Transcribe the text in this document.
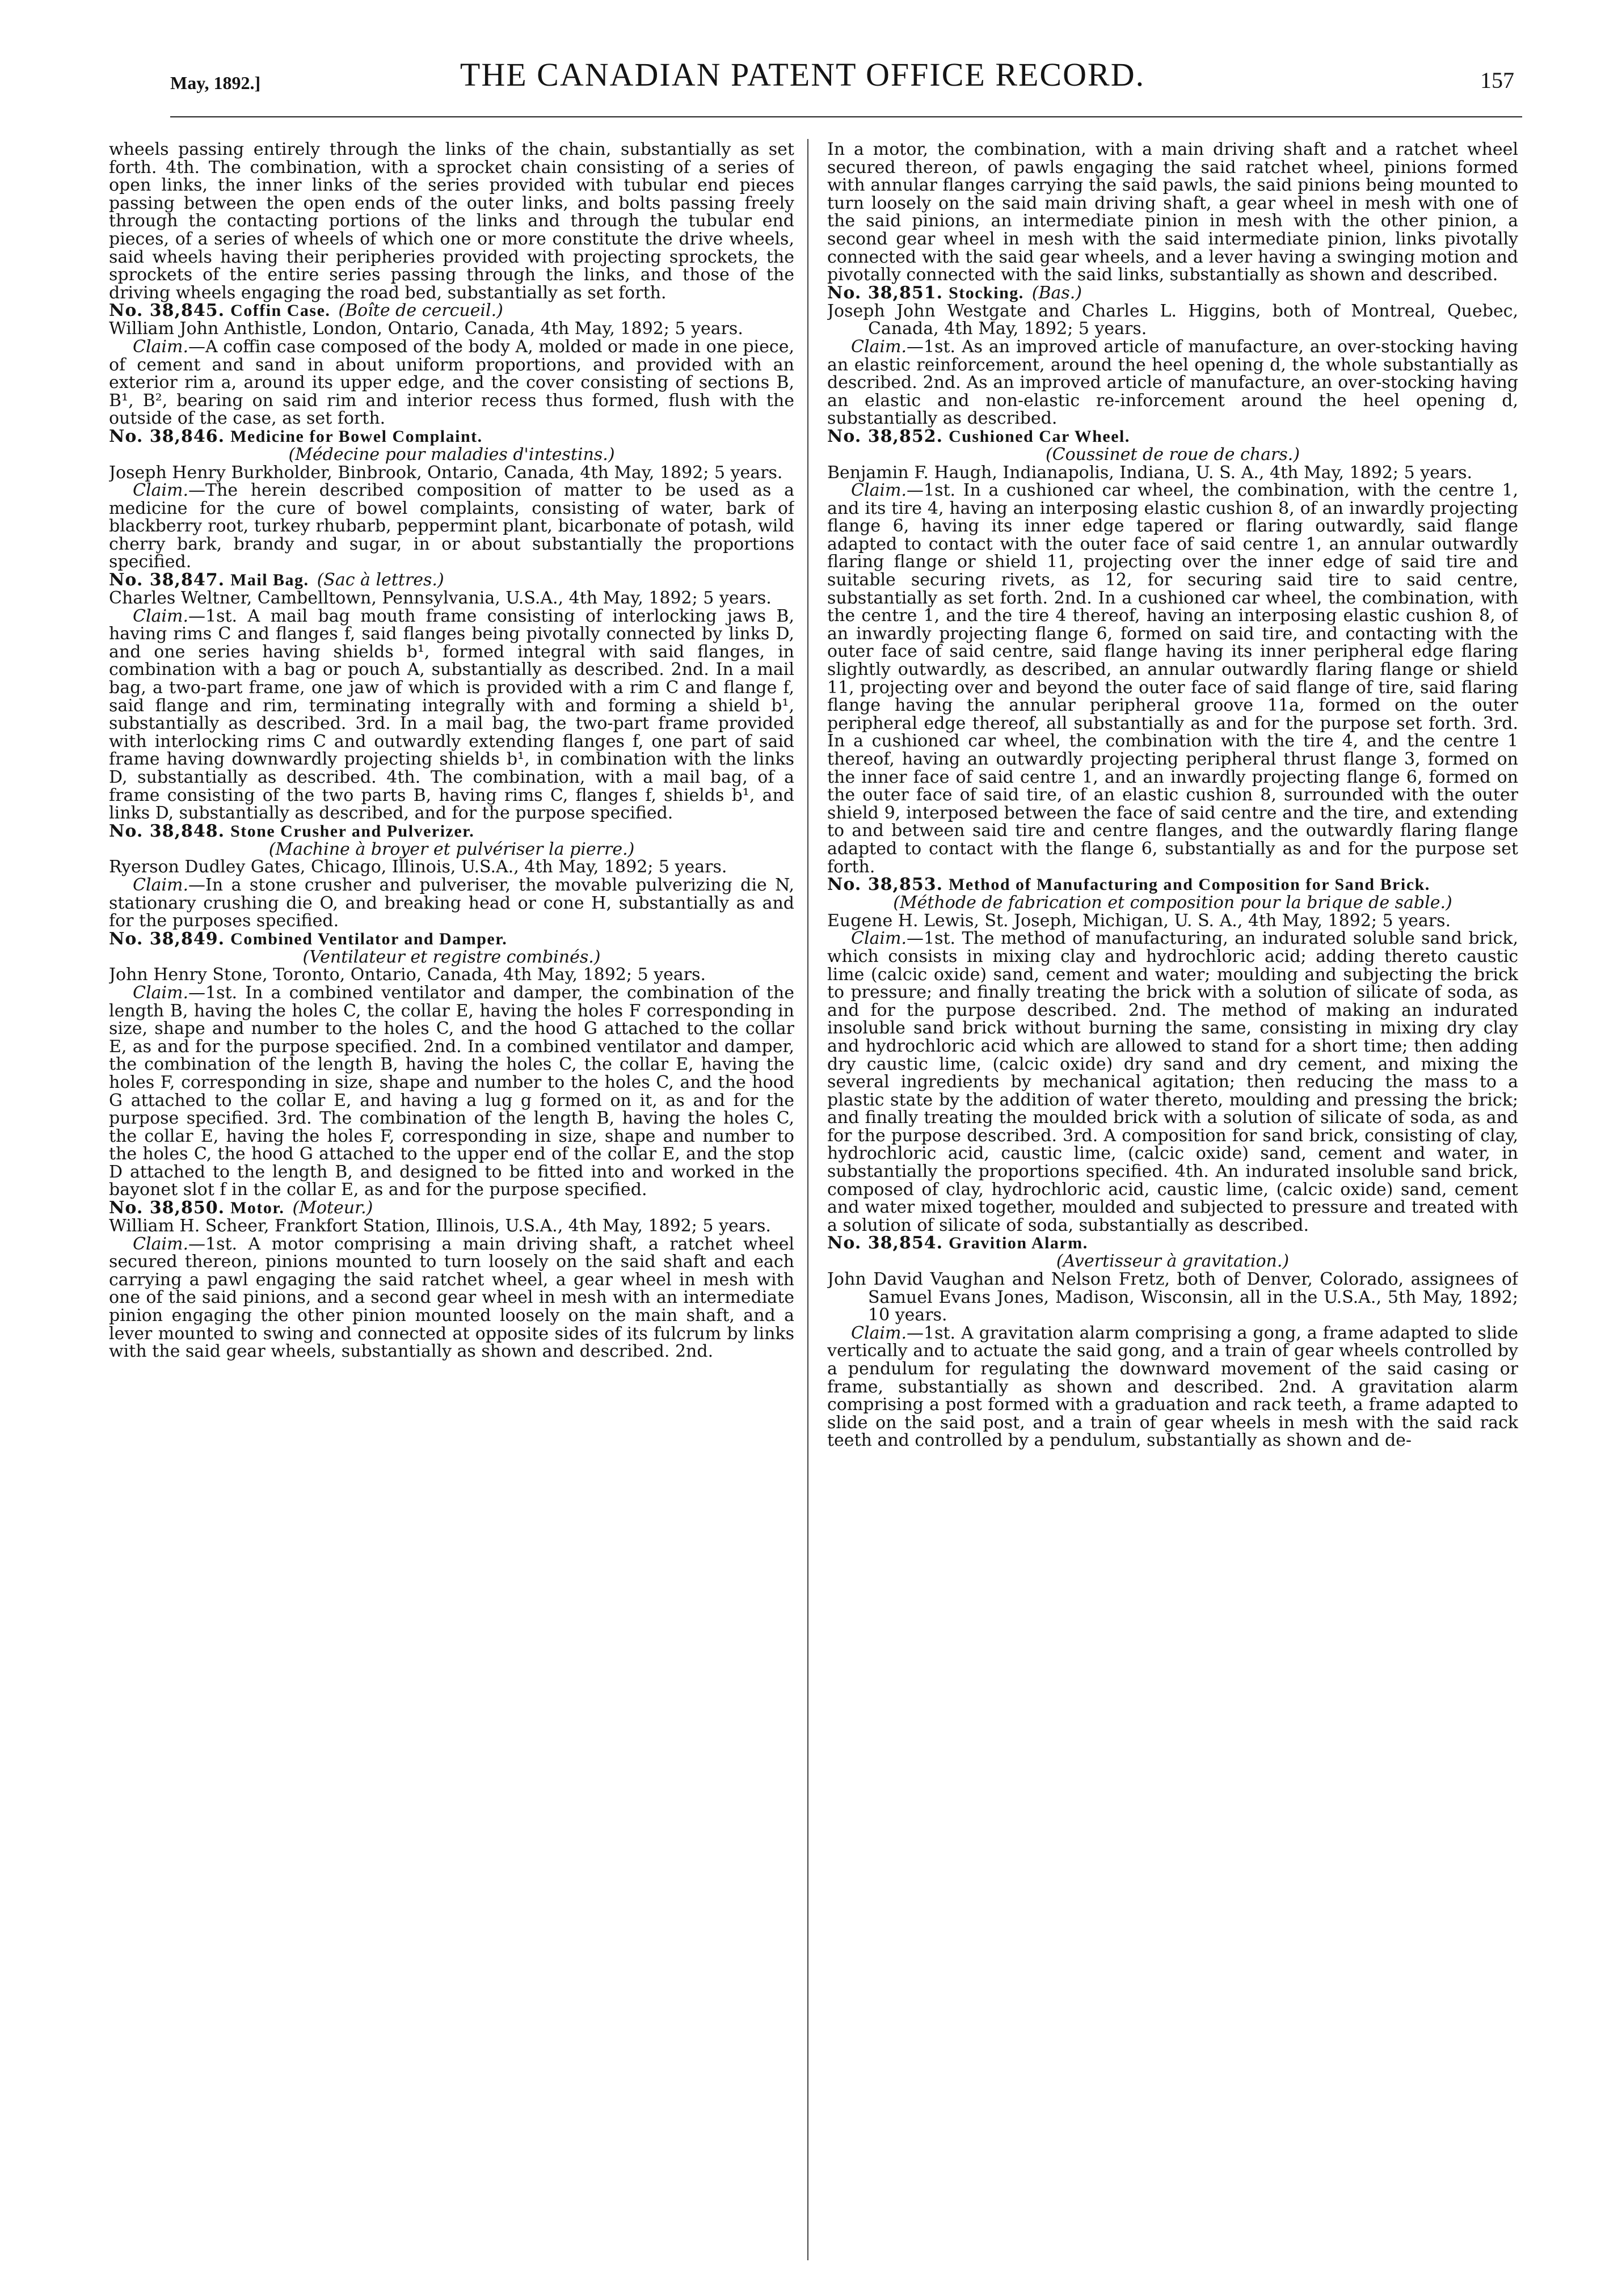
May, 1892.]	THE CANADIAN PATENT OFFICE RECORD.	157

wheels passing entirely through the links of the chain, substantially as set forth. 4th. The combination, with a sprocket chain consisting of a series of open links, the inner links of the series provided with tubular end pieces passing between the open ends of the outer links, and bolts passing freely through the contacting portions of the links and through the tubular end pieces, of a series of wheels of which one or more constitute the drive wheels, said wheels having their peripheries provided with projecting sprockets, the sprockets of the entire series passing through the links, and those of the driving wheels engaging the road bed, substantially as set forth.

No. 38,845. Coffin Case. (Boîte de cercueil.)

William John Anthistle, London, Ontario, Canada, 4th May, 1892; 5 years.

Claim.—A coffin case composed of the body A, molded or made in one piece, of cement and sand in about uniform proportions, and provided with an exterior rim a, around its upper edge, and the cover consisting of sections B, B¹, B², bearing on said rim and interior recess thus formed, flush with the outside of the case, as set forth.

No. 38,846. Medicine for Bowel Complaint.

(Médecine pour maladies d'intestins.)

Joseph Henry Burkholder, Binbrook, Ontario, Canada, 4th May, 1892; 5 years.

Claim.—The herein described composition of matter to be used as a medicine for the cure of bowel complaints, consisting of water, bark of blackberry root, turkey rhubarb, peppermint plant, bicarbonate of potash, wild cherry bark, brandy and sugar, in or about substantially the proportions specified.

No. 38,847. Mail Bag. (Sac à lettres.)

Charles Weltner, Cambelltown, Pennsylvania, U.S.A., 4th May, 1892; 5 years.

Claim.—1st. A mail bag mouth frame consisting of interlocking jaws B, having rims C and flanges f, said flanges being pivotally connected by links D, and one series having shields b¹, formed integral with said flanges, in combination with a bag or pouch A, substantially as described. 2nd. In a mail bag, a two-part frame, one jaw of which is provided with a rim C and flange f, said flange and rim, terminating integrally with and forming a shield b¹, substantially as described. 3rd. In a mail bag, the two-part frame provided with interlocking rims C and outwardly extending flanges f, one part of said frame having downwardly projecting shields b¹, in combination with the links D, substantially as described. 4th. The combination, with a mail bag, of a frame consisting of the two parts B, having rims C, flanges f, shields b¹, and links D, substantially as described, and for the purpose specified.

No. 38,848. Stone Crusher and Pulverizer.

(Machine à broyer et pulvériser la pierre.)

Ryerson Dudley Gates, Chicago, Illinois, U.S.A., 4th May, 1892; 5 years.

Claim.—In a stone crusher and pulveriser, the movable pulverizing die N, stationary crushing die O, and breaking head or cone H, substantially as and for the purposes specified.

No. 38,849. Combined Ventilator and Damper.

(Ventilateur et registre combinés.)

John Henry Stone, Toronto, Ontario, Canada, 4th May, 1892; 5 years.

Claim.—1st. In a combined ventilator and damper, the combination of the length B, having the holes C, the collar E, having the holes F corresponding in size, shape and number to the holes C, and the hood G attached to the collar E, as and for the purpose specified. 2nd. In a combined ventilator and damper, the combination of the length B, having the holes C, the collar E, having the holes F, corresponding in size, shape and number to the holes C, and the hood G attached to the collar E, and having a lug g formed on it, as and for the purpose specified. 3rd. The combination of the length B, having the holes C, the collar E, having the holes F, corresponding in size, shape and number to the holes C, the hood G attached to the upper end of the collar E, and the stop D attached to the length B, and designed to be fitted into and worked in the bayonet slot f in the collar E, as and for the purpose specified.

No. 38,850. Motor. (Moteur.)

William H. Scheer, Frankfort Station, Illinois, U.S.A., 4th May, 1892; 5 years.

Claim.—1st. A motor comprising a main driving shaft, a ratchet wheel secured thereon, pinions mounted to turn loosely on the said shaft and each carrying a pawl engaging the said ratchet wheel, a gear wheel in mesh with one of the said pinions, and a second gear wheel in mesh with an intermediate pinion engaging the other pinion mounted loosely on the main shaft, and a lever mounted to swing and connected at opposite sides of its fulcrum by links with the said gear wheels, substantially as shown and described. 2nd.

In a motor, the combination, with a main driving shaft and a ratchet wheel secured thereon, of pawls engaging the said ratchet wheel, pinions formed with annular flanges carrying the said pawls, the said pinions being mounted to turn loosely on the said main driving shaft, a gear wheel in mesh with one of the said pinions, an intermediate pinion in mesh with the other pinion, a second gear wheel in mesh with the said intermediate pinion, links pivotally connected with the said gear wheels, and a lever having a swinging motion and pivotally connected with the said links, substantially as shown and described.

No. 38,851. Stocking. (Bas.)

Joseph John Westgate and Charles L. Higgins, both of Montreal, Quebec, Canada, 4th May, 1892; 5 years.

Claim.—1st. As an improved article of manufacture, an over-stocking having an elastic reinforcement, around the heel opening d, the whole substantially as described. 2nd. As an improved article of manufacture, an over-stocking having an elastic and non-elastic re-inforcement around the heel opening d, substantially as described.

No. 38,852. Cushioned Car Wheel.

(Coussinet de roue de chars.)

Benjamin F. Haugh, Indianapolis, Indiana, U. S. A., 4th May, 1892; 5 years.

Claim.—1st. In a cushioned car wheel, the combination, with the centre 1, and its tire 4, having an interposing elastic cushion 8, of an inwardly projecting flange 6, having its inner edge tapered or flaring outwardly, said flange adapted to contact with the outer face of said centre 1, an annular outwardly flaring flange or shield 11, projecting over the inner edge of said tire and suitable securing rivets, as 12, for securing said tire to said centre, substantially as set forth. 2nd. In a cushioned car wheel, the combination, with the centre 1, and the tire 4 thereof, having an interposing elastic cushion 8, of an inwardly projecting flange 6, formed on said tire, and contacting with the outer face of said centre, said flange having its inner peripheral edge flaring slightly outwardly, as described, an annular outwardly flaring flange or shield 11, projecting over and beyond the outer face of said flange of tire, said flaring flange having the annular peripheral groove 11a, formed on the outer peripheral edge thereof, all substantially as and for the purpose set forth. 3rd. In a cushioned car wheel, the combination with the tire 4, and the centre 1 thereof, having an outwardly projecting peripheral thrust flange 3, formed on the inner face of said centre 1, and an inwardly projecting flange 6, formed on the outer face of said tire, of an elastic cushion 8, surrounded with the outer shield 9, interposed between the face of said centre and the tire, and extending to and between said tire and centre flanges, and the outwardly flaring flange adapted to contact with the flange 6, substantially as and for the purpose set forth.

No. 38,853. Method of Manufacturing and Composition for Sand Brick.

(Méthode de fabrication et composition pour la brique de sable.)

Eugene H. Lewis, St. Joseph, Michigan, U. S. A., 4th May, 1892; 5 years.

Claim.—1st. The method of manufacturing, an indurated soluble sand brick, which consists in mixing clay and hydrochloric acid; adding thereto caustic lime (calcic oxide) sand, cement and water; moulding and subjecting the brick to pressure; and finally treating the brick with a solution of silicate of soda, as and for the purpose described. 2nd. The method of making an indurated insoluble sand brick without burning the same, consisting in mixing dry clay and hydrochloric acid which are allowed to stand for a short time; then adding dry caustic lime, (calcic oxide) dry sand and dry cement, and mixing the several ingredients by mechanical agitation; then reducing the mass to a plastic state by the addition of water thereto, moulding and pressing the brick; and finally treating the moulded brick with a solution of silicate of soda, as and for the purpose described. 3rd. A composition for sand brick, consisting of clay, hydrochloric acid, caustic lime, (calcic oxide) sand, cement and water, in substantially the proportions specified. 4th. An indurated insoluble sand brick, composed of clay, hydrochloric acid, caustic lime, (calcic oxide) sand, cement and water mixed together, moulded and subjected to pressure and treated with a solution of silicate of soda, substantially as described.

No. 38,854. Gravition Alarm.

(Avertisseur à gravitation.)

John David Vaughan and Nelson Fretz, both of Denver, Colorado, assignees of Samuel Evans Jones, Madison, Wisconsin, all in the U.S.A., 5th May, 1892; 10 years.

Claim.—1st. A gravitation alarm comprising a gong, a frame adapted to slide vertically and to actuate the said gong, and a train of gear wheels controlled by a pendulum for regulating the downward movement of the said casing or frame, substantially as shown and described. 2nd. A gravitation alarm comprising a post formed with a graduation and rack teeth, a frame adapted to slide on the said post, and a train of gear wheels in mesh with the said rack teeth and controlled by a pendulum, substantially as shown and de-
